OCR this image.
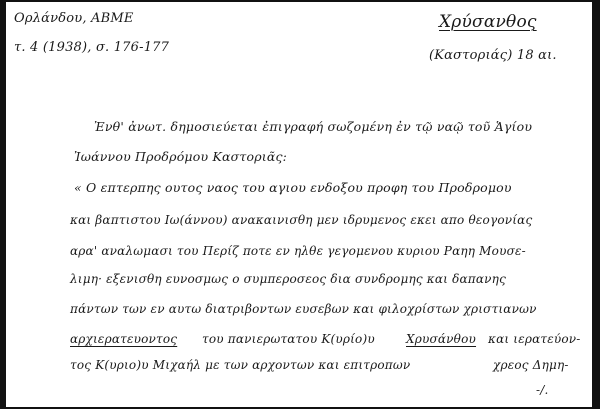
Ορλάνδου, ΑΒΜΕ
τ. 4 (1938), σ. 176-177
Χρύσανθος
(Καστοριάς) 18 αι.
Ἐνθ' ἀνωτ. δημοσιεύεται ἐπιγραφή σωζομένη ἐν τῷ ναῷ τοῦ Ἁγίου
Ἰωάννου Προδρόμου Καστοριᾶς:
« Ο επτερπης ουτος ναος του αγιου ενδοξου προφη του Προδρομου
και βαπτιστου Ιω(άννου) ανακαινισθη μεν ιδρυμενος εκει απο θεογονίας
αρα' αναλωμασι του Περίζ ποτε εν ηλθε γεγομενου κυριου Ραηη Μουσε-
λιμη· εξενισθη ευνοσμως ο συμπεροσεος δια συνδρομης και δαπανης
πάντων των εν αυτω διατριβοντων ευσεβων και φιλοχρίστων χριστιανων
αρχιερατευοντος του πανιερωτατου Κ(υρίο)υ	Χρυσάνθου και ιερατεύον-
τος Κ(υριο)υ Μιχαήλ με των αρχοντων και επιτροπων	χρεος Δημη-
-/.
